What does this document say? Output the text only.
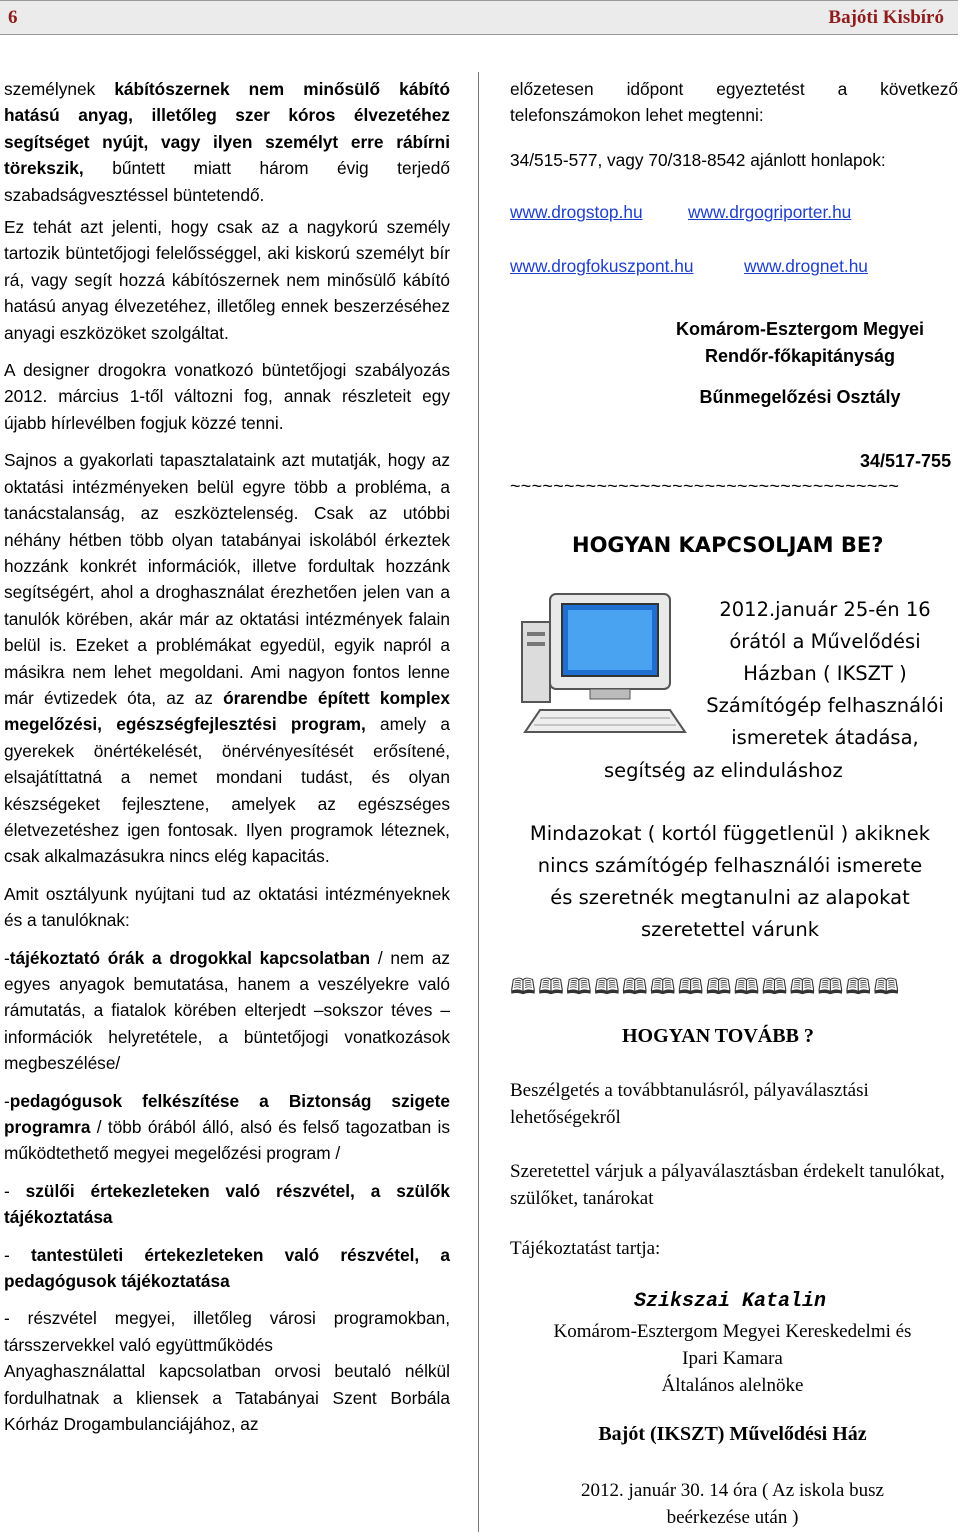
6	Bajóti Kisbíró

személynek kábítószernek nem minősülő kábító hatású anyag, illetőleg szer kóros élvezetéhez segítséget nyújt, vagy ilyen személyt erre rábírni törekszik, bűntett miatt három évig terjedő szabadságvesztéssel büntetendő.

Ez tehát azt jelenti, hogy csak az a nagykorú személy tartozik büntetőjogi felelősséggel, aki kiskorú személyt bír rá, vagy segít hozzá kábítószernek nem minősülő kábító hatású anyag élvezetéhez, illetőleg ennek beszerzéséhez anyagi eszközöket szolgáltat.

A designer drogokra vonatkozó büntetőjogi szabályozás 2012. március 1-től változni fog, annak részleteit egy újabb hírlevélben fogjuk közzé tenni.

Sajnos a gyakorlati tapasztalataink azt mutatják, hogy az oktatási intézményeken belül egyre több a probléma, a tanácstalanság, az eszköztelenség. Csak az utóbbi néhány hétben több olyan tatabányai iskolából érkeztek hozzánk konkrét információk, illetve fordultak hozzánk segítségért, ahol a droghasználat érezhetően jelen van a tanulók körében, akár már az oktatási intézmények falain belül is. Ezeket a problémákat egyedül, egyik napról a másikra nem lehet megoldani. Ami nagyon fontos lenne már évtizedek óta, az az órarendbe épített komplex megelőzési, egészségfejlesztési program, amely a gyerekek önértékelését, önérvényesítését erősítené, elsajátíttatná a nemet mondani tudást, és olyan készségeket fejlesztene, amelyek az egészséges életvezetéshez igen fontosak. Ilyen programok léteznek, csak alkalmazásukra nincs elég kapacitás.

Amit osztályunk nyújtani tud az oktatási intézményeknek és a tanulóknak:

-tájékoztató órák a drogokkal kapcsolatban / nem az egyes anyagok bemutatása, hanem a veszélyekre való rámutatás, a fiatalok körében elterjedt –sokszor téves – információk helyretétele, a büntetőjogi vonatkozások megbeszélése/

-pedagógusok felkészítése a Biztonság szigete programra / több órából álló, alsó és felső tagozatban is működtethető megyei megelőzési program /

- szülői értekezleteken való részvétel, a szülők tájékoztatása

- tantestületi értekezleteken való részvétel, a pedagógusok tájékoztatása

- részvétel megyei, illetőleg városi programokban, társszervekkel való együttműködés

Anyaghasználattal kapcsolatban orvosi beutaló nélkül fordulhatnak a kliensek a Tatabányai Szent Borbála Kórház Drogambulanciájához, az

előzetesen időpont egyeztetést a következő telefonszámokon lehet megtenni:

34/515-577, vagy 70/318-8542 ajánlott honlapok:

www.drogstop.hu	www.drgogriporter.hu
www.drogfokuszpont.hu	www.drognet.hu
Komárom-Esztergom Megyei
Rendőr-főkapitányság
Bűnmegelőzési Osztály
34/517-755
~~~~~~~~~~~~~~~~~~~~~~~~~~~~~~~~~~~~
HOGYAN KAPCSOLJAM BE?
2012.január 25-én 16
órától a Művelődési
Házban ( IKSZT )
Számítógép felhasználói
ismeretek átadása,
segítség az elinduláshoz
Mindazokat ( kortól függetlenül ) akiknek
nincs számítógép felhasználói ismerete
és szeretnék megtanulni az alapokat
szeretettel várunk
🕮🕮🕮🕮🕮🕮🕮🕮🕮🕮🕮🕮🕮🕮
HOGYAN TOVÁBB ?
Beszélgetés a továbbtanulásról, pályaválasztási lehetőségekről
Szeretettel várjuk a pályaválasztásban érdekelt tanulókat, szülőket, tanárokat
Tájékoztatást tartja:
Szikszai Katalin
Komárom-Esztergom Megyei Kereskedelmi és
Ipari Kamara
Általános alelnöke
Bajót (IKSZT) Művelődési Ház
2012. január 30. 14 óra ( Az iskola busz
beérkezése után )
